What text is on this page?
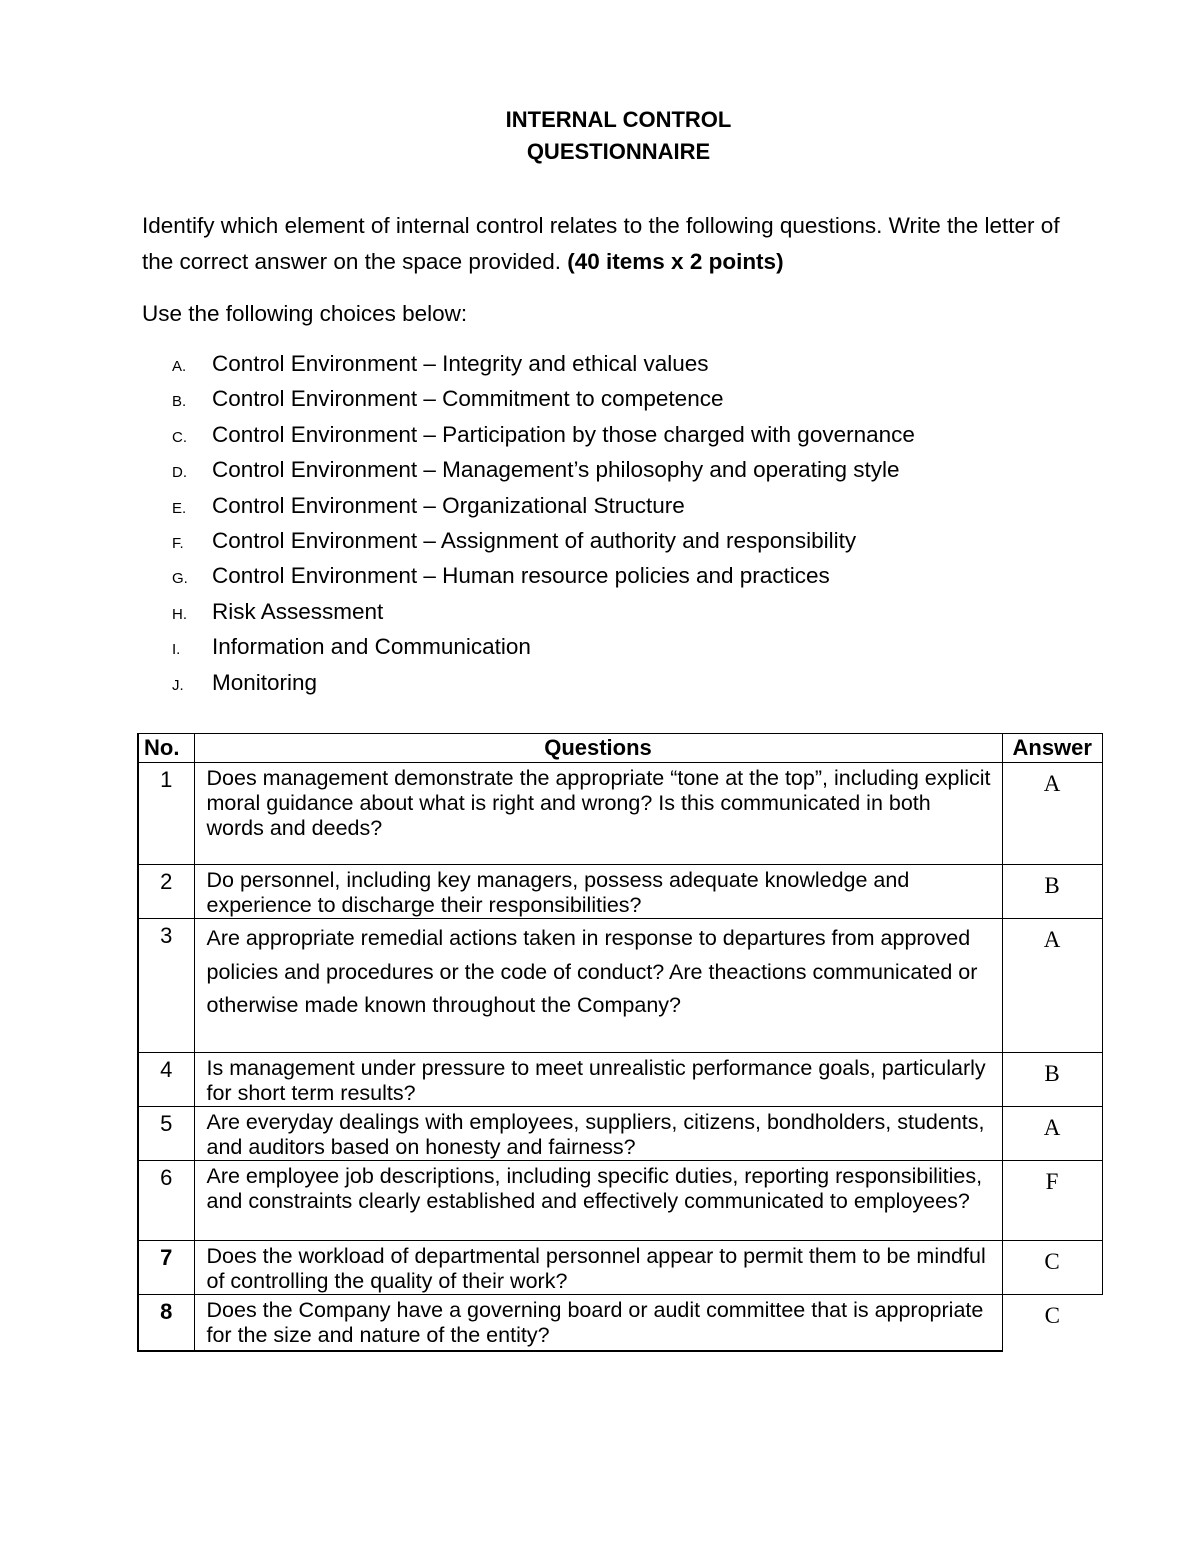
INTERNAL CONTROL
QUESTIONNAIRE
Identify which element of internal control relates to the following questions. Write the letter of the correct answer on the space provided. (40 items x 2 points)
Use the following choices below:
A. Control Environment – Integrity and ethical values
B. Control Environment – Commitment to competence
C. Control Environment – Participation by those charged with governance
D. Control Environment – Management’s philosophy and operating style
E. Control Environment – Organizational Structure
F. Control Environment – Assignment of authority and responsibility
G. Control Environment – Human resource policies and practices
H. Risk Assessment
I. Information and Communication
J. Monitoring
No.	Questions	Answer
1	Does management demonstrate the appropriate “tone at the top”, including explicit moral guidance about what is right and wrong? Is this communicated in both words and deeds?	A
2	Do personnel, including key managers, possess adequate knowledge and experience to discharge their responsibilities?	B
3	Are appropriate remedial actions taken in response to departures from approved policies and procedures or the code of conduct? Are theactions communicated or otherwise made known throughout the Company?	A
4	Is management under pressure to meet unrealistic performance goals, particularly for short term results?	B
5	Are everyday dealings with employees, suppliers, citizens, bondholders, students, and auditors based on honesty and fairness?	A
6	Are employee job descriptions, including specific duties, reporting responsibilities, and constraints clearly established and effectively communicated to employees?	F
7	Does the workload of departmental personnel appear to permit them to be mindful of controlling the quality of their work?	C
8	Does the Company have a governing board or audit committee that is appropriate for the size and nature of the entity?	C
